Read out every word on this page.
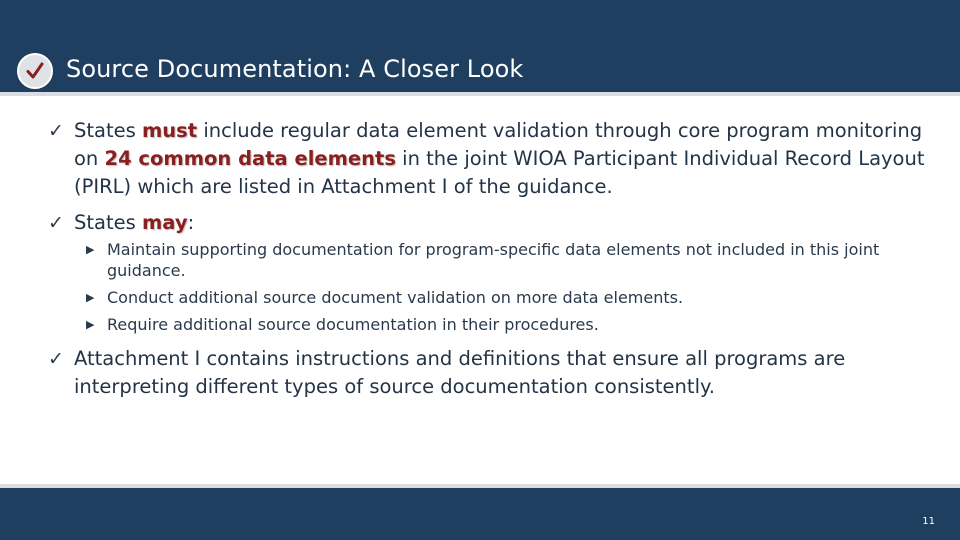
Source Documentation: A Closer Look
✓ States must include regular data element validation through core program monitoring on 24 common data elements in the joint WIOA Participant Individual Record Layout (PIRL) which are listed in Attachment I of the guidance.
✓ States may:
▶ Maintain supporting documentation for program-specific data elements not included in this joint guidance.
▶ Conduct additional source document validation on more data elements.
▶ Require additional source documentation in their procedures.
✓ Attachment I contains instructions and definitions that ensure all programs are interpreting different types of source documentation consistently.
11
